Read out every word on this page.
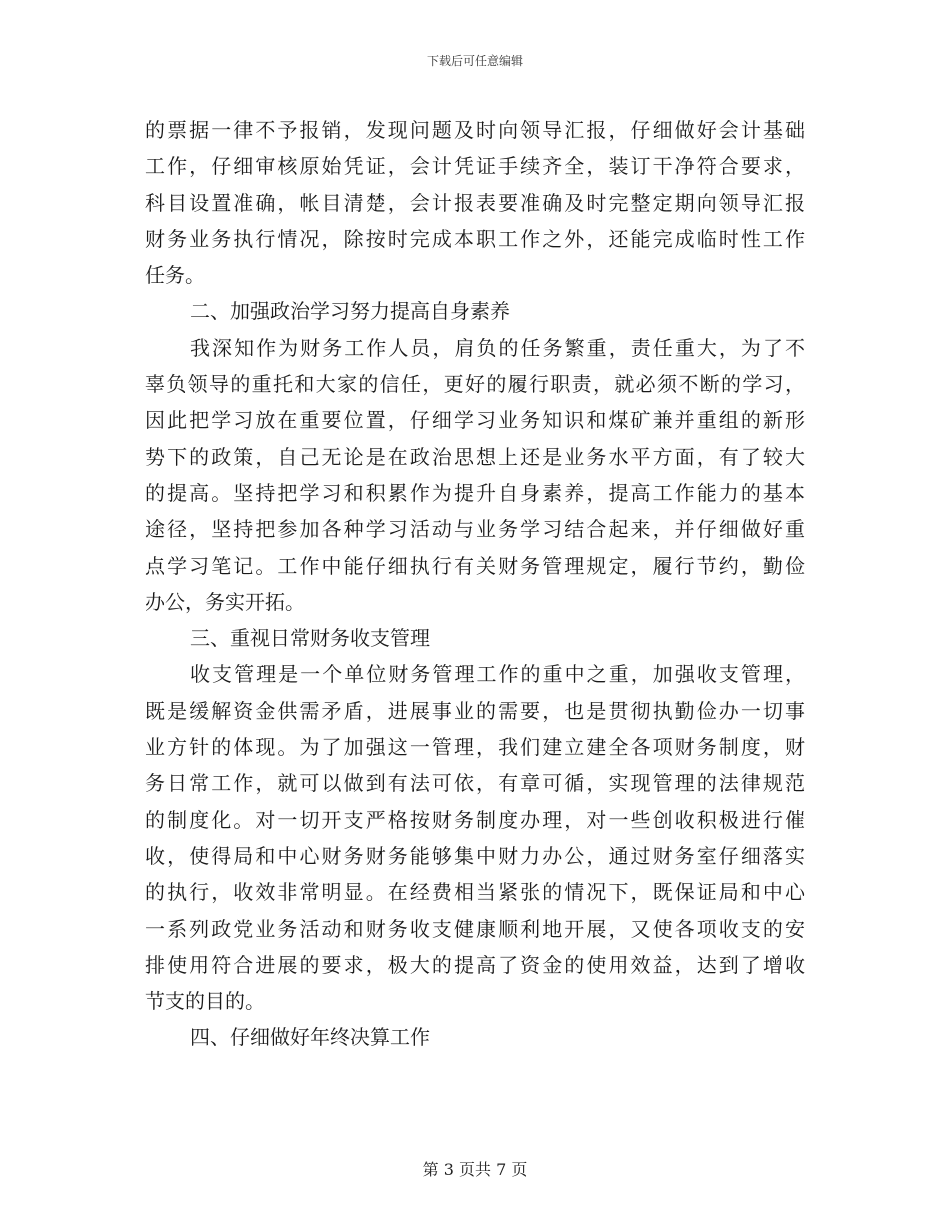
下载后可任意编辑
的票据一律不予报销，发现问题及时向领导汇报，仔细做好会计基础
工作，仔细审核原始凭证，会计凭证手续齐全，装订干净符合要求，
科目设置准确，帐目清楚，会计报表要准确及时完整定期向领导汇报
财务业务执行情况，除按时完成本职工作之外，还能完成临时性工作
任务。
二、加强政治学习努力提高自身素养
我深知作为财务工作人员，肩负的任务繁重，责任重大，为了不
辜负领导的重托和大家的信任，更好的履行职责，就必须不断的学习，
因此把学习放在重要位置，仔细学习业务知识和煤矿兼并重组的新形
势下的政策，自己无论是在政治思想上还是业务水平方面，有了较大
的提高。坚持把学习和积累作为提升自身素养，提高工作能力的基本
途径，坚持把参加各种学习活动与业务学习结合起来，并仔细做好重
点学习笔记。工作中能仔细执行有关财务管理规定，履行节约，勤俭
办公，务实开拓。
三、重视日常财务收支管理
收支管理是一个单位财务管理工作的重中之重，加强收支管理，
既是缓解资金供需矛盾，进展事业的需要，也是贯彻执勤俭办一切事
业方针的体现。为了加强这一管理，我们建立建全各项财务制度，财
务日常工作，就可以做到有法可依，有章可循，实现管理的法律规范
的制度化。对一切开支严格按财务制度办理，对一些创收积极进行催
收，使得局和中心财务财务能够集中财力办公，通过财务室仔细落实
的执行，收效非常明显。在经费相当紧张的情况下，既保证局和中心
一系列政党业务活动和财务收支健康顺利地开展，又使各项收支的安
排使用符合进展的要求，极大的提高了资金的使用效益，达到了增收
节支的目的。
四、仔细做好年终决算工作
第 3 页共 7 页
